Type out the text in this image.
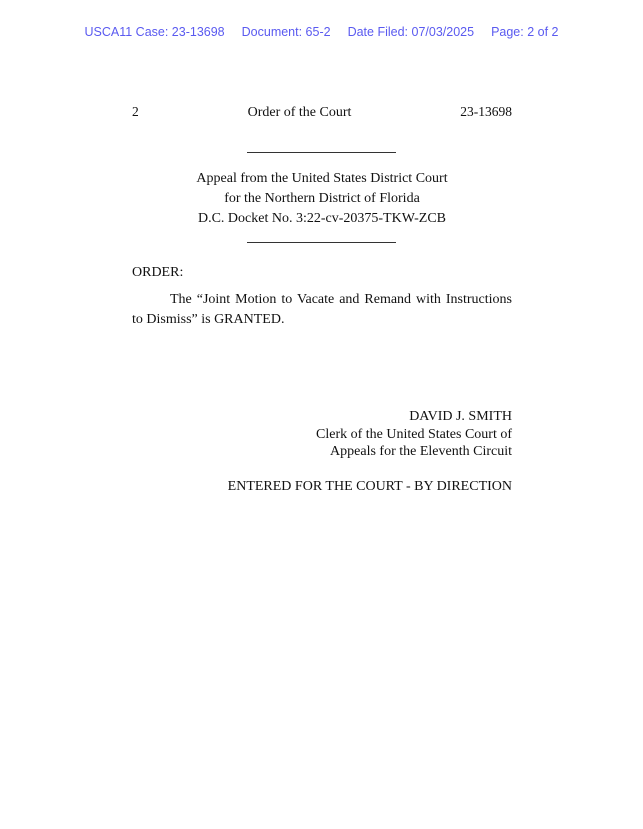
USCA11 Case: 23-13698 Document: 65-2 Date Filed: 07/03/2025 Page: 2 of 2
2	Order of the Court	23-13698
Appeal from the United States District Court
for the Northern District of Florida
D.C. Docket No. 3:22-cv-20375-TKW-ZCB
ORDER:
The “Joint Motion to Vacate and Remand with Instructions to Dismiss” is GRANTED.
DAVID J. SMITH
Clerk of the United States Court of
Appeals for the Eleventh Circuit
ENTERED FOR THE COURT - BY DIRECTION
